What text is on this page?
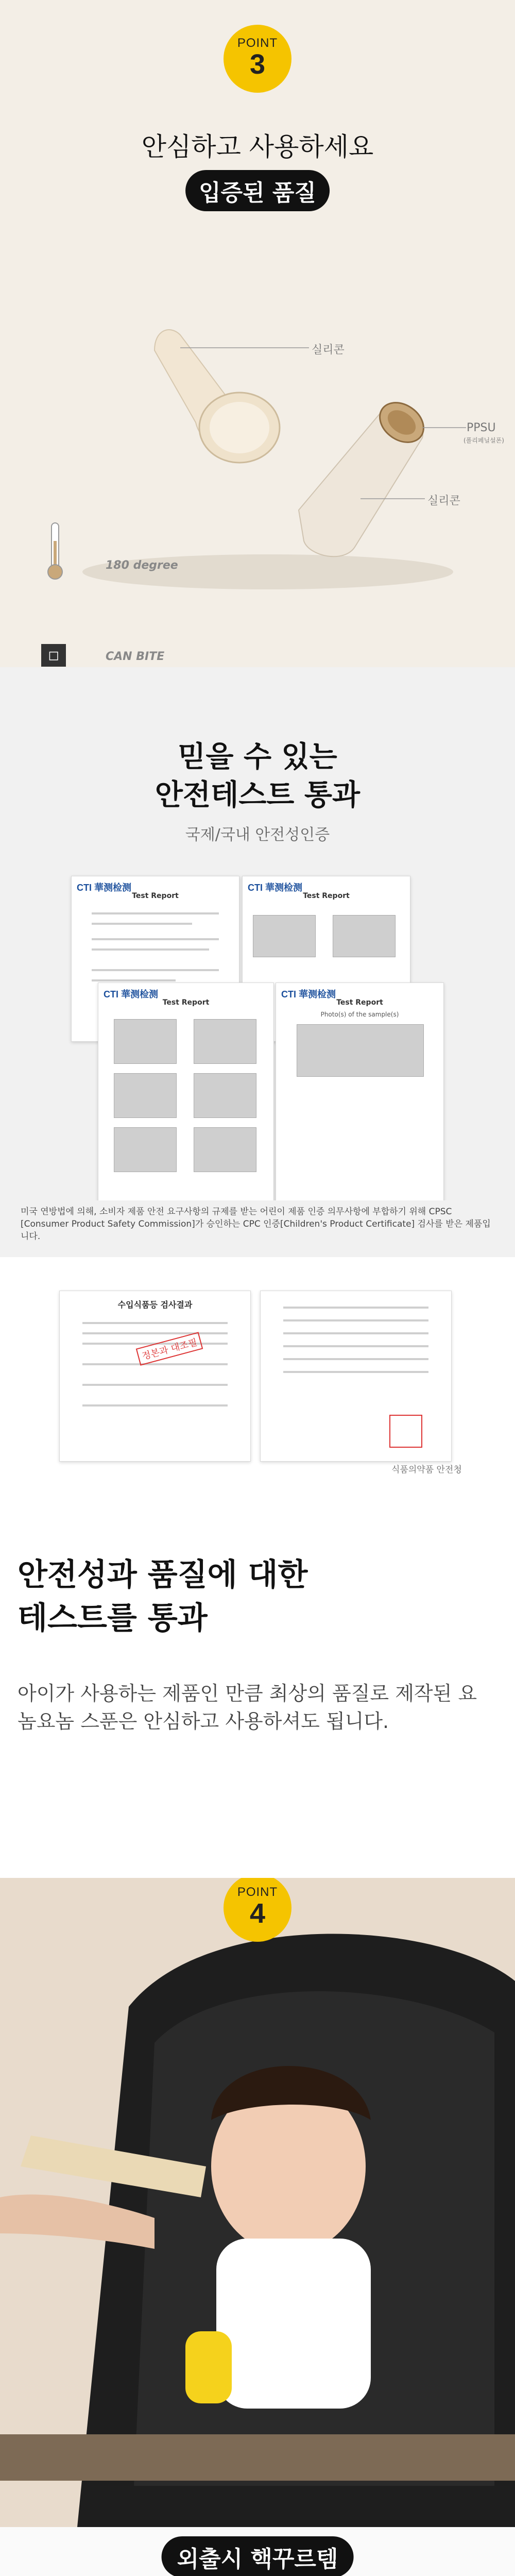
POINT
3
안심하고 사용하세요
입증된 품질
실리콘
PPSU
(폴리페닐설폰)
실리콘
180 degree
CAN BITE
◻
믿을 수 있는
안전테스트 통과
국제/국내 안전성인증
CTI 華测检测
Test Report
CTI 華测检测
Test Report
CTI 華测检测
Test Report
CTI 華测检测
Test Report
Photo(s) of the sample(s)
미국 연방법에 의해, 소비자 제품 안전 요구사항의 규제를 받는 어린이 제품 인증 의무사항에 부합하기 위해 CPSC [Consumer Product Safety Commission]가 승인하는 CPC 인증[Children's Product Certificate] 검사를 받은 제품입니다.
수입식품등 검사결과
정본과 대조필
식품의약품 안전청
안전성과 품질에 대한
테스트를 통과
아이가 사용하는 제품인 만큼 최상의 품질로 제작된 요놈요놈 스푼은 안심하고 사용하셔도 됩니다.
POINT
4
외출시 핵꾸르템
